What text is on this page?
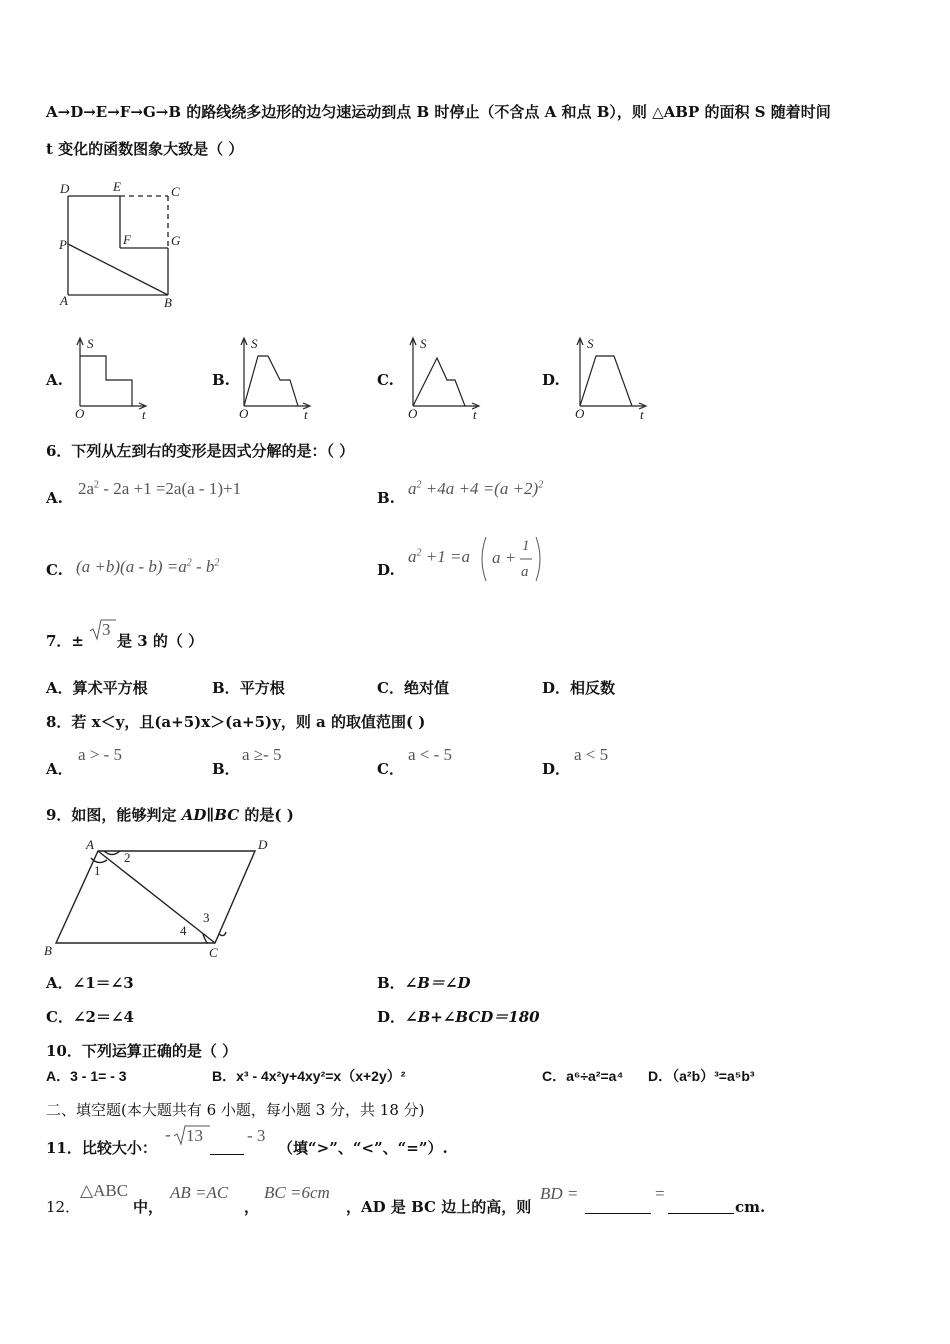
A→D→E→F→G→B 的路线绕多边形的边匀速运动到点 B 时停止（不含点 A 和点 B），则 △ABP 的面积 S 随着时间
t 变化的函数图象大致是（ ）
D	E	C
P	F	G
A	B
A.
S
t
O
B.
S
t
O
C.
S
t
O
D.
S
t
O
6．下列从左到右的变形是因式分解的是：（ ）
A. $2a^2 - 2a +1 =2a(a - 1)+1$	B. $a^2 +4a +4 =(a +2)^2$
C. $(a +b)(a - b) =a^2 - b^2$	D.
$a^2 +1 =a$ a +
1
a
7．±
3
是 3 的（ ）
A．算术平方根	B．平方根	C．绝对值	D．相反数
8．若 x＜y，且(a+5)x＞(a+5)y，则 a 的取值范围( )
A．
a > - 5
B．
a ≥- 5
C．
a < - 5
D．
a < 5
9．如图，能够判定 AD∥BC 的是( )
A	D
B	C
1
2
3
4
A．∠1＝∠3	B．∠B＝∠D
C．∠2＝∠4	D．∠B+∠BCD＝180
10．下列运算正确的是（ ）
A．3 - 1= - 3	B．x³ - 4x²y+4xy²=x（x+2y）²	C．a⁶÷a²=a⁴ D．（a²b）³=a⁵b³
二、填空题(本大题共有 6 小题，每小题 3 分，共 18 分)
11．比较大小：
- 13	- 3
（填“>”、“<”、“=”）.
12．
△ABC
中，
AB =AC
，
BC =6cm
，AD 是 BC 边上的高，则
BD =	=
cm.
